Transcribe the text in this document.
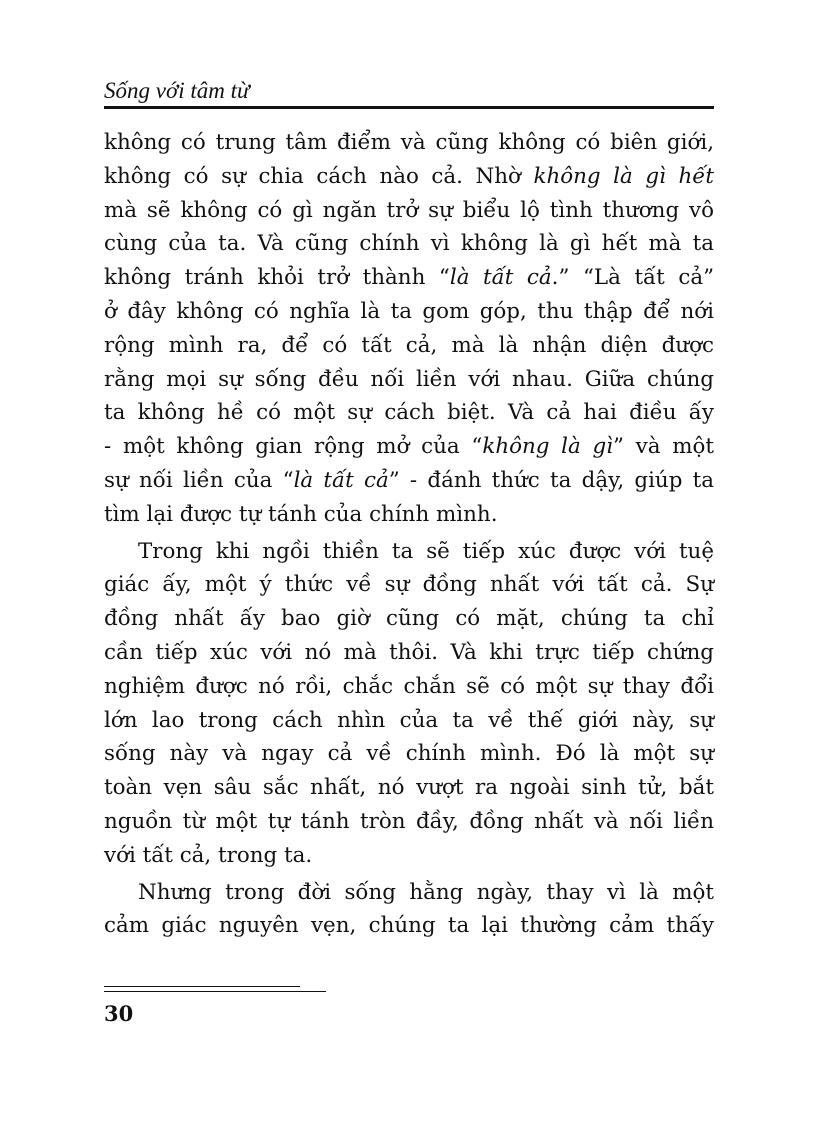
Sống với tâm từ
không có trung tâm điểm và cũng không có biên giới,
không có sự chia cách nào cả. Nhờ không là gì hết
mà sẽ không có gì ngăn trở sự biểu lộ tình thương vô
cùng của ta. Và cũng chính vì không là gì hết mà ta
không tránh khỏi trở thành “là tất cả.” “Là tất cả”
ở đây không có nghĩa là ta gom góp, thu thập để nới
rộng mình ra, để có tất cả, mà là nhận diện được
rằng mọi sự sống đều nối liền với nhau. Giữa chúng
ta không hề có một sự cách biệt. Và cả hai điều ấy
- một không gian rộng mở của “không là gì” và một
sự nối liền của “là tất cả” - đánh thức ta dậy, giúp ta
tìm lại được tự tánh của chính mình.
Trong khi ngồi thiền ta sẽ tiếp xúc được với tuệ
giác ấy, một ý thức về sự đồng nhất với tất cả. Sự
đồng nhất ấy bao giờ cũng có mặt, chúng ta chỉ
cần tiếp xúc với nó mà thôi. Và khi trực tiếp chứng
nghiệm được nó rồi, chắc chắn sẽ có một sự thay đổi
lớn lao trong cách nhìn của ta về thế giới này, sự
sống này và ngay cả về chính mình. Đó là một sự
toàn vẹn sâu sắc nhất, nó vượt ra ngoài sinh tử, bắt
nguồn từ một tự tánh tròn đầy, đồng nhất và nối liền
với tất cả, trong ta.
Nhưng trong đời sống hằng ngày, thay vì là một
cảm giác nguyên vẹn, chúng ta lại thường cảm thấy
30
